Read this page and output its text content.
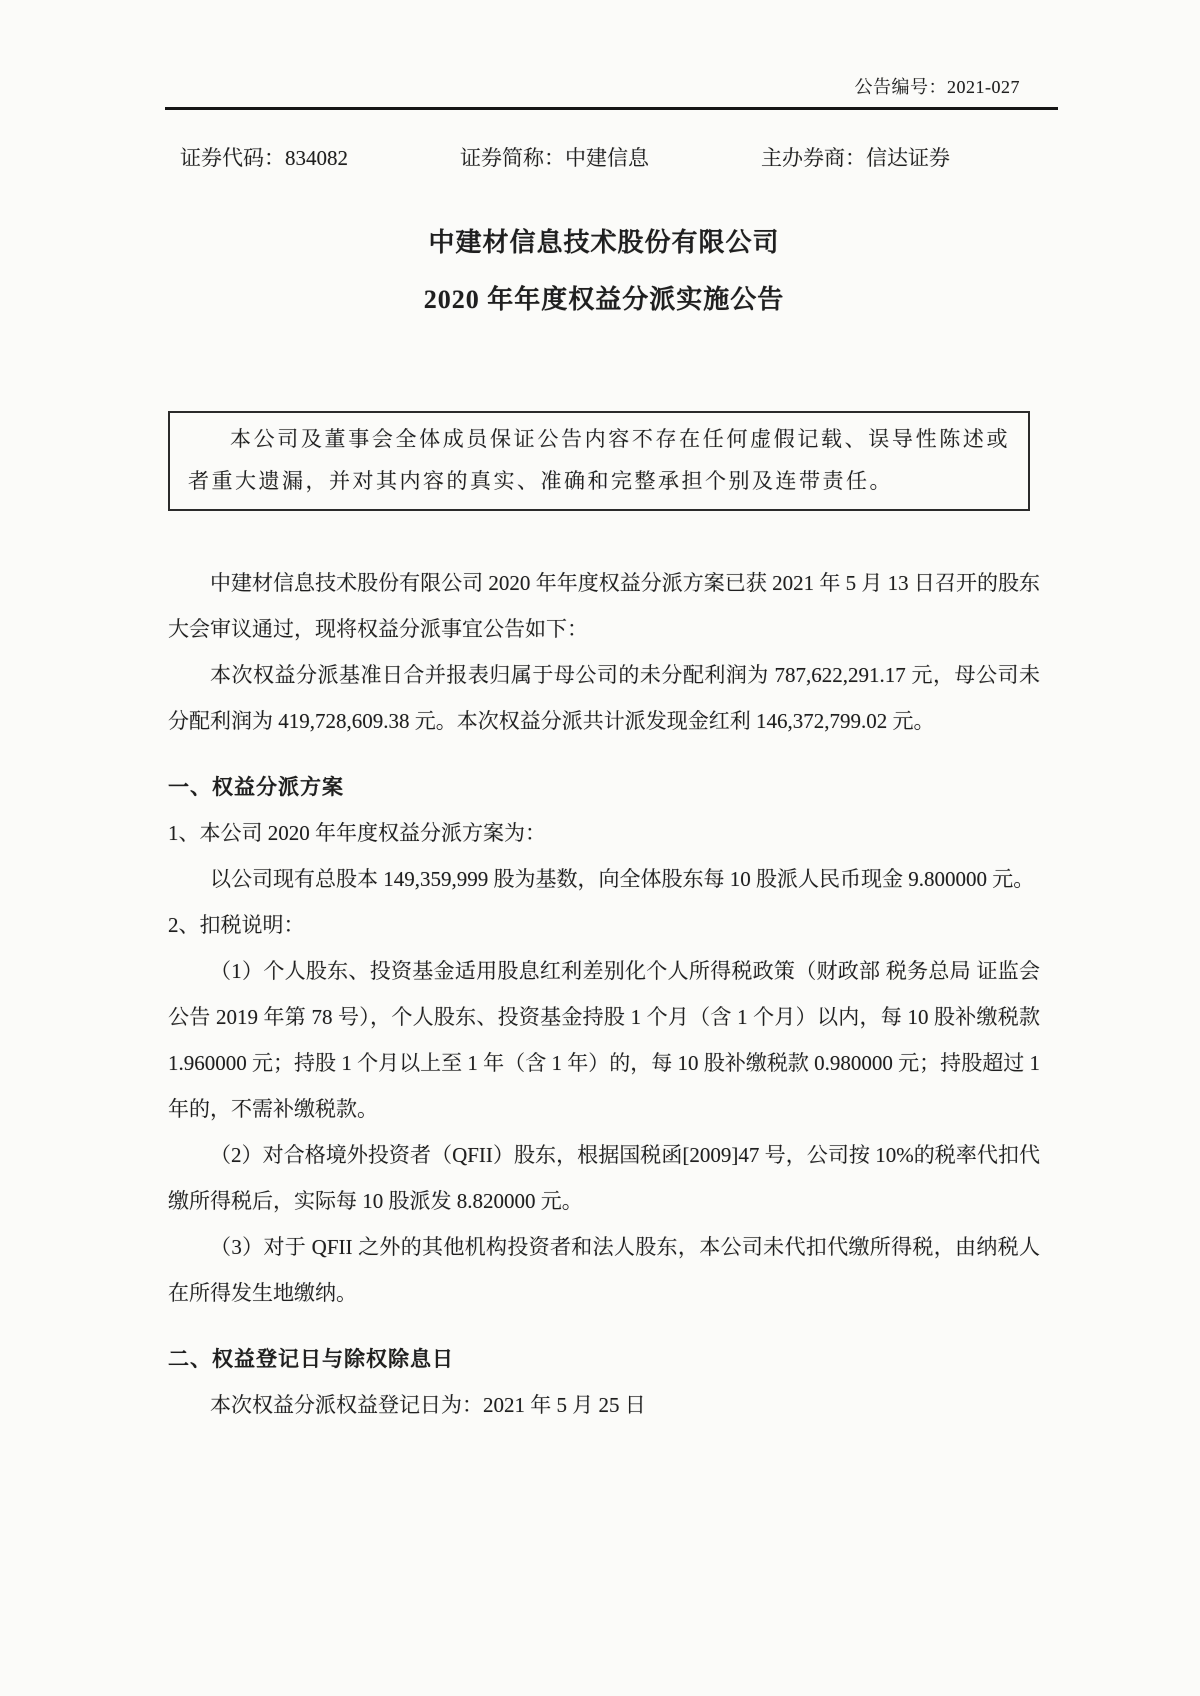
公告编号：2021-027
证券代码：834082	证券简称：中建信息	主办券商：信达证券
中建材信息技术股份有限公司
2020 年年度权益分派实施公告
本公司及董事会全体成员保证公告内容不存在任何虚假记载、误导性陈述或者重大遗漏，并对其内容的真实、准确和完整承担个别及连带责任。

中建材信息技术股份有限公司 2020 年年度权益分派方案已获 2021 年 5 月 13 日召开的股东大会审议通过，现将权益分派事宜公告如下：

本次权益分派基准日合并报表归属于母公司的未分配利润为 787,622,291.17 元，母公司未分配利润为 419,728,609.38 元。本次权益分派共计派发现金红利 146,372,799.02 元。

一、权益分派方案

1、本公司 2020 年年度权益分派方案为：

以公司现有总股本 149,359,999 股为基数，向全体股东每 10 股派人民币现金 9.800000 元。

2、扣税说明：

（1）个人股东、投资基金适用股息红利差别化个人所得税政策（财政部 税务总局 证监会公告 2019 年第 78 号），个人股东、投资基金持股 1 个月（含 1 个月）以内，每 10 股补缴税款 1.960000 元；持股 1 个月以上至 1 年（含 1 年）的，每 10 股补缴税款 0.980000 元；持股超过 1 年的，不需补缴税款。

（2）对合格境外投资者（QFII）股东，根据国税函[2009]47 号，公司按 10%的税率代扣代缴所得税后，实际每 10 股派发 8.820000 元。

（3）对于 QFII 之外的其他机构投资者和法人股东，本公司未代扣代缴所得税，由纳税人在所得发生地缴纳。

二、权益登记日与除权除息日

本次权益分派权益登记日为：2021 年 5 月 25 日
